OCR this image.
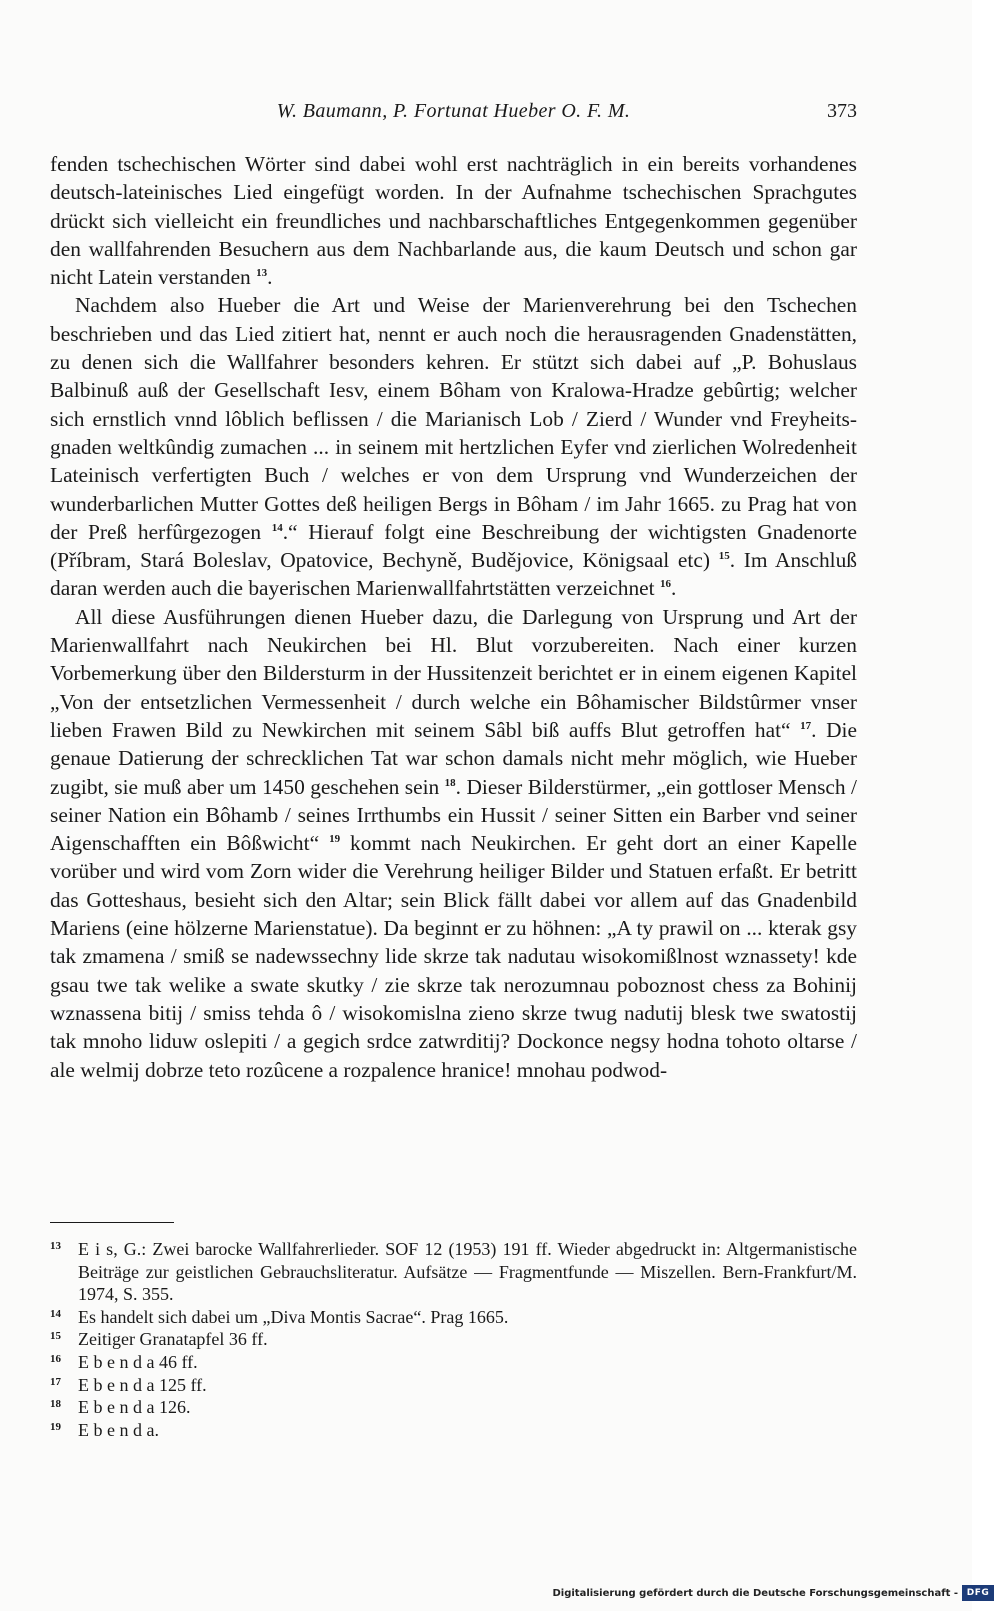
W. Baumann, P. Fortunat Hueber O. F. M.	373

fenden tschechischen Wörter sind dabei wohl erst nachträglich in ein bereits vorhandenes deutsch-lateinisches Lied eingefügt worden. In der Aufnahme tschechischen Sprachgutes drückt sich vielleicht ein freundliches und nachbarschaftliches Entgegenkommen gegenüber den wallfahrenden Besuchern aus dem Nachbarlande aus, die kaum Deutsch und schon gar nicht Latein verstanden $^{13}$.

Nachdem also Hueber die Art und Weise der Marienverehrung bei den Tschechen beschrieben und das Lied zitiert hat, nennt er auch noch die herausragenden Gnadenstätten, zu denen sich die Wallfahrer besonders kehren. Er stützt sich dabei auf „P. Bohuslaus Balbinuß auß der Gesellschaft Iesv, einem Bôham von Kralowa-Hradze gebûrtig; welcher sich ernstlich vnnd lôblich beflissen / die Marianisch Lob / Zierd / Wunder vnd Freyheits-gnaden weltkûndig zumachen ... in seinem mit hertzlichen Eyfer vnd zierlichen Wolredenheit Lateinisch verfertigten Buch / welches er von dem Ursprung vnd Wunderzeichen der wunderbarlichen Mutter Gottes deß heiligen Bergs in Bôham / im Jahr 1665. zu Prag hat von der Preß herfûrgezogen $^{14}$.“ Hierauf folgt eine Beschreibung der wichtigsten Gnadenorte (Příbram, Stará Boleslav, Opatovice, Bechyně, Budějovice, Königsaal etc) $^{15}$. Im Anschluß daran werden auch die bayerischen Marienwallfahrtstätten verzeichnet $^{16}$.

All diese Ausführungen dienen Hueber dazu, die Darlegung von Ursprung und Art der Marienwallfahrt nach Neukirchen bei Hl. Blut vorzubereiten. Nach einer kurzen Vorbemerkung über den Bildersturm in der Hussitenzeit berichtet er in einem eigenen Kapitel „Von der entsetzlichen Vermessenheit / durch welche ein Bôhamischer Bildstûrmer vnser lieben Frawen Bild zu Newkirchen mit seinem Sâbl biß auffs Blut getroffen hat“ $^{17}$. Die genaue Datierung der schrecklichen Tat war schon damals nicht mehr möglich, wie Hueber zugibt, sie muß aber um 1450 geschehen sein $^{18}$. Dieser Bilderstürmer, „ein gottloser Mensch / seiner Nation ein Bôhamb / seines Irrthumbs ein Hussit / seiner Sitten ein Barber vnd seiner Aigenschafften ein Bôßwicht“ $^{19}$ kommt nach Neukirchen. Er geht dort an einer Kapelle vorüber und wird vom Zorn wider die Verehrung heiliger Bilder und Statuen erfaßt. Er betritt das Gotteshaus, besieht sich den Altar; sein Blick fällt dabei vor allem auf das Gnadenbild Mariens (eine hölzerne Marienstatue). Da beginnt er zu höhnen: „A ty prawil on ... kterak gsy tak zmamena / smiß se nadewssechny lide skrze tak nadutau wisokomißlnost wznassety! kde gsau twe tak welike a swate skutky / zie skrze tak nerozumnau poboznost chess za Bohinij wznassena bitij / smiss tehda ô / wisokomislna zieno skrze twug nadutij blesk twe swatostij tak mnoho liduw oslepiti / a gegich srdce zatwrditij? Dockonce negsy hodna tohoto oltarse / ale welmij dobrze teto rozûcene a rozpalence hranice! mnohau podwod-

13 E i s, G.: Zwei barocke Wallfahrerlieder. SOF 12 (1953) 191 ff. Wieder abgedruckt in: Altgermanistische Beiträge zur geistlichen Gebrauchsliteratur. Aufsätze — Fragmentfunde — Miszellen. Bern-Frankfurt/M. 1974, S. 355.
14 Es handelt sich dabei um „Diva Montis Sacrae“. Prag 1665.
15 Zeitiger Granatapfel 36 ff.
16 E b e n d a 46 ff.
17 E b e n d a 125 ff.
18 E b e n d a 126.
19 E b e n d a.
Digitalisierung gefördert durch die Deutsche Forschungsgemeinschaft - DFG
